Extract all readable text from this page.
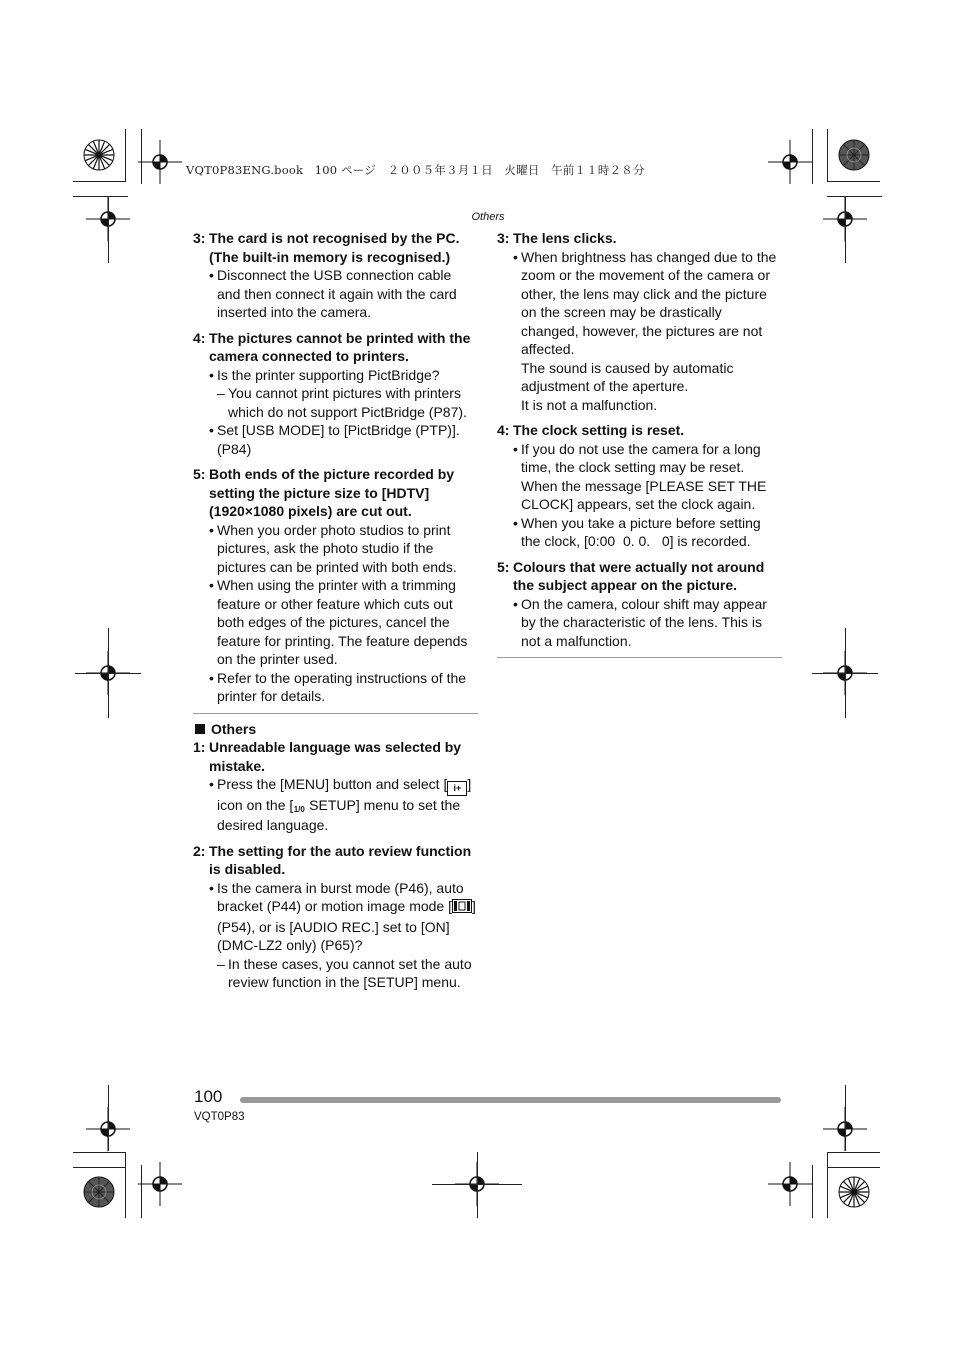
VQT0P83ENG.book   100 ページ   ２００５年３月１日   火曜日   午前１１時２８分
Others
3: The card is not recognised by the PC. (The built-in memory is recognised.)
• Disconnect the USB connection cable and then connect it again with the card inserted into the camera.
4: The pictures cannot be printed with the camera connected to printers.
• Is the printer supporting PictBridge?
– You cannot print pictures with printers which do not support PictBridge (P87).
• Set [USB MODE] to [PictBridge (PTP)]. (P84)
5: Both ends of the picture recorded by setting the picture size to [HDTV] (1920×1080 pixels) are cut out.
• When you order photo studios to print pictures, ask the photo studio if the pictures can be printed with both ends.
• When using the printer with a trimming feature or other feature which cuts out both edges of the pictures, cancel the feature for printing. The feature depends on the printer used.
• Refer to the operating instructions of the printer for details.
Others
1: Unreadable language was selected by mistake.
• Press the [MENU] button and select [ i+ ] icon on the [1/0 SETUP] menu to set the desired language.
2: The setting for the auto review function is disabled.
• Is the camera in burst mode (P46), auto bracket (P44) or motion image mode [ ] (P54), or is [AUDIO REC.] set to [ON] (DMC-LZ2 only) (P65)?
– In these cases, you cannot set the auto review function in the [SETUP] menu.
3: The lens clicks.
• When brightness has changed due to the zoom or the movement of the camera or other, the lens may click and the picture on the screen may be drastically changed, however, the pictures are not affected.
The sound is caused by automatic adjustment of the aperture.
It is not a malfunction.
4: The clock setting is reset.
• If you do not use the camera for a long time, the clock setting may be reset. When the message [PLEASE SET THE CLOCK] appears, set the clock again.
• When you take a picture before setting the clock, [0:00  0. 0.   0] is recorded.
5: Colours that were actually not around the subject appear on the picture.
• On the camera, colour shift may appear by the characteristic of the lens. This is not a malfunction.
100
VQT0P83
